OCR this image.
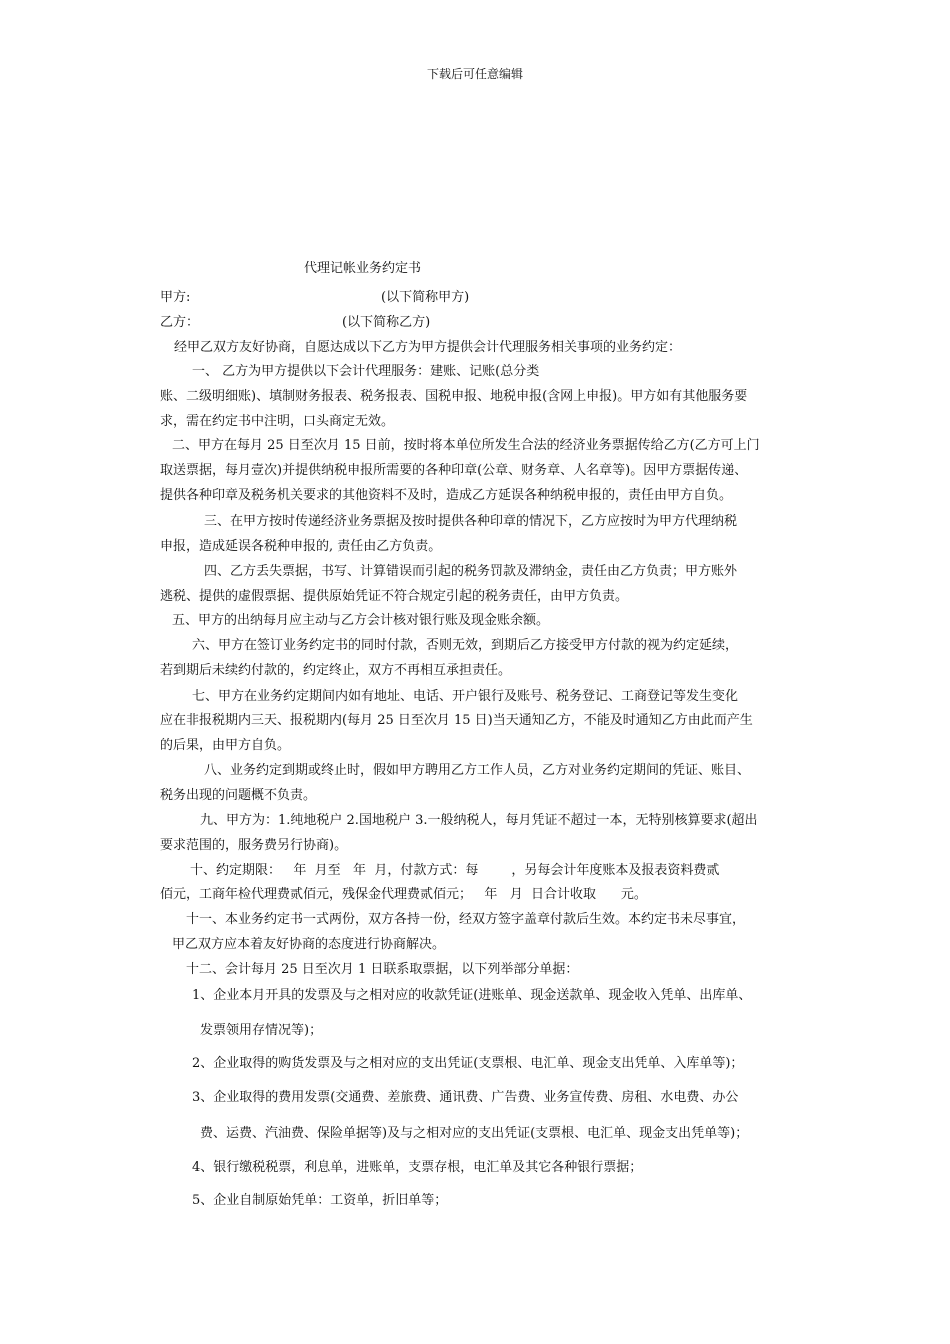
下载后可任意编辑
代理记帐业务约定书
甲方:	(以下简称甲方)
乙方：	(以下简称乙方)
经甲乙双方友好协商，自愿达成以下乙方为甲方提供会计代理服务相关事项的业务约定：
一、 乙方为甲方提供以下会计代理服务：建账、记账(总分类
账、二级明细账)、填制财务报表、税务报表、国税申报、地税申报(含网上申报)。甲方如有其他服务要
求，需在约定书中注明，口头商定无效。
二、甲方在每月 25 日至次月 15 日前，按时将本单位所发生合法的经济业务票据传给乙方(乙方可上门
取送票据，每月壹次)并提供纳税申报所需要的各种印章(公章、财务章、人名章等)。因甲方票据传递、
提供各种印章及税务机关要求的其他资料不及时，造成乙方延误各种纳税申报的，责任由甲方自负。
三、在甲方按时传递经济业务票据及按时提供各种印章的情况下，乙方应按时为甲方代理纳税
申报，造成延误各税种申报的, 责任由乙方负责。
四、乙方丢失票据，书写、计算错误而引起的税务罚款及滞纳金，责任由乙方负责；甲方账外
逃税、提供的虚假票据、提供原始凭证不符合规定引起的税务责任，由甲方负责。
五、甲方的出纳每月应主动与乙方会计核对银行账及现金账余额。
六、甲方在签订业务约定书的同时付款，否则无效，到期后乙方接受甲方付款的视为约定延续，
若到期后未续约付款的，约定终止，双方不再相互承担责任。
七、甲方在业务约定期间内如有地址、电话、开户银行及账号、税务登记、工商登记等发生变化
应在非报税期内三天、报税期内(每月 25 日至次月 15 日)当天通知乙方，不能及时通知乙方由此而产生
的后果，由甲方自负。
八、业务约定到期或终止时，假如甲方聘用乙方工作人员，乙方对业务约定期间的凭证、账目、
税务出现的问题概不负责。
九、甲方为：1.纯地税户 2.国地税户 3.一般纳税人，每月凭证不超过一本，无特别核算要求(超出
要求范围的，服务费另行协商)。
十、约定期限：   年  月至   年  月，付款方式：每        ，另每会计年度账本及报表资料费贰
佰元，工商年检代理费贰佰元，残保金代理费贰佰元；   年   月  日合计收取      元。
十一、本业务约定书一式两份，双方各持一份，经双方签字盖章付款后生效。本约定书未尽事宜，
甲乙双方应本着友好协商的态度进行协商解决。
十二、会计每月 25 日至次月 1 日联系取票据，以下列举部分单据：
1、企业本月开具的发票及与之相对应的收款凭证(进账单、现金送款单、现金收入凭单、出库单、
发票领用存情况等)；
2、企业取得的购货发票及与之相对应的支出凭证(支票根、电汇单、现金支出凭单、入库单等)；
3、企业取得的费用发票(交通费、差旅费、通讯费、广告费、业务宣传费、房租、水电费、办公
费、运费、汽油费、保险单据等)及与之相对应的支出凭证(支票根、电汇单、现金支出凭单等)；
4、银行缴税税票，利息单，进账单，支票存根，电汇单及其它各种银行票据；
5、企业自制原始凭单：工资单，折旧单等；
